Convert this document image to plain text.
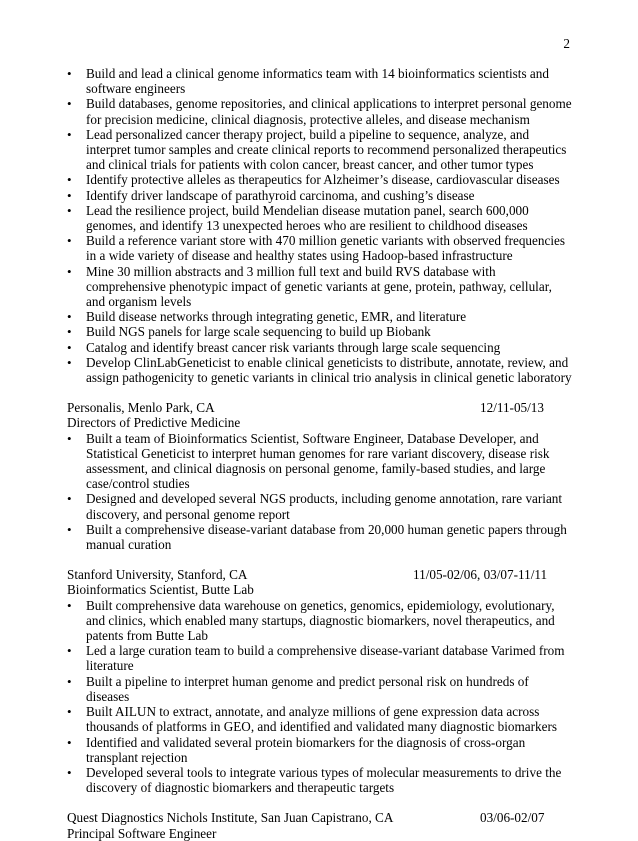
2
• Build and lead a clinical genome informatics team with 14 bioinformatics scientists and software engineers
• Build databases, genome repositories, and clinical applications to interpret personal genome for precision medicine, clinical diagnosis, protective alleles, and disease mechanism
• Lead personalized cancer therapy project, build a pipeline to sequence, analyze, and interpret tumor samples and create clinical reports to recommend personalized therapeutics and clinical trials for patients with colon cancer, breast cancer, and other tumor types
• Identify protective alleles as therapeutics for Alzheimer’s disease, cardiovascular diseases
• Identify driver landscape of parathyroid carcinoma, and cushing’s disease
• Lead the resilience project, build Mendelian disease mutation panel, search 600,000 genomes, and identify 13 unexpected heroes who are resilient to childhood diseases
• Build a reference variant store with 470 million genetic variants with observed frequencies in a wide variety of disease and healthy states using Hadoop-based infrastructure
• Mine 30 million abstracts and 3 million full text and build RVS database with comprehensive phenotypic impact of genetic variants at gene, protein, pathway, cellular, and organism levels
• Build disease networks through integrating genetic, EMR, and literature
• Build NGS panels for large scale sequencing to build up Biobank
• Catalog and identify breast cancer risk variants through large scale sequencing
• Develop ClinLabGeneticist to enable clinical geneticists to distribute, annotate, review, and assign pathogenicity to genetic variants in clinical trio analysis in clinical genetic laboratory
Personalis, Menlo Park, CA	12/11-05/13
Directors of Predictive Medicine
• Built a team of Bioinformatics Scientist, Software Engineer, Database Developer, and Statistical Geneticist to interpret human genomes for rare variant discovery, disease risk assessment, and clinical diagnosis on personal genome, family-based studies, and large case/control studies
• Designed and developed several NGS products, including genome annotation, rare variant discovery, and personal genome report
• Built a comprehensive disease-variant database from 20,000 human genetic papers through manual curation
Stanford University, Stanford, CA	11/05-02/06, 03/07-11/11
Bioinformatics Scientist, Butte Lab
• Built comprehensive data warehouse on genetics, genomics, epidemiology, evolutionary, and clinics, which enabled many startups, diagnostic biomarkers, novel therapeutics, and patents from Butte Lab
• Led a large curation team to build a comprehensive disease-variant database Varimed from literature
• Built a pipeline to interpret human genome and predict personal risk on hundreds of diseases
• Built AILUN to extract, annotate, and analyze millions of gene expression data across thousands of platforms in GEO, and identified and validated many diagnostic biomarkers
• Identified and validated several protein biomarkers for the diagnosis of cross-organ transplant rejection
• Developed several tools to integrate various types of molecular measurements to drive the discovery of diagnostic biomarkers and therapeutic targets
Quest Diagnostics Nichols Institute, San Juan Capistrano, CA	03/06-02/07
Principal Software Engineer
